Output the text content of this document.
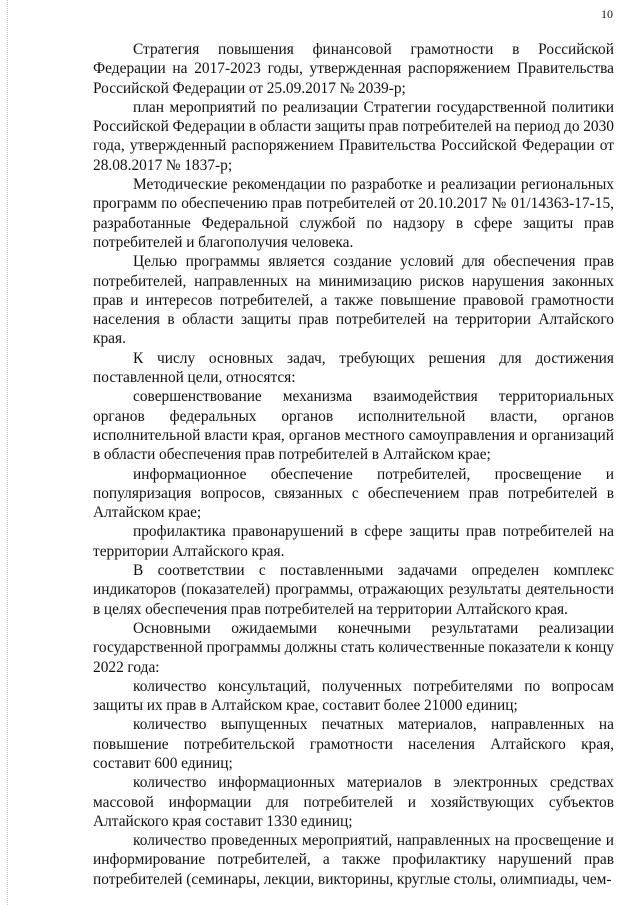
10

Стратегия повышения финансовой грамотности в Российской Федерации на 2017-2023 годы, утвержденная распоряжением Правительства Российской Федерации от 25.09.2017 № 2039-р;

план мероприятий по реализации Стратегии государственной политики Российской Федерации в области защиты прав потребителей на период до 2030 года, утвержденный распоряжением Правительства Российской Федерации от 28.08.2017 № 1837-р;

Методические рекомендации по разработке и реализации региональных программ по обеспечению прав потребителей от 20.10.2017 № 01/14363-17-15, разработанные Федеральной службой по надзору в сфере защиты прав потребителей и благополучия человека.

Целью программы является создание условий для обеспечения прав потребителей, направленных на минимизацию рисков нарушения законных прав и интересов потребителей, а также повышение правовой грамотности населения в области защиты прав потребителей на территории Алтайского края.

К числу основных задач, требующих решения для достижения поставленной цели, относятся:

совершенствование механизма взаимодействия территориальных органов федеральных органов исполнительной власти, органов исполнительной власти края, органов местного самоуправления и организаций в области обеспечения прав потребителей в Алтайском крае;

информационное обеспечение потребителей, просвещение и популяризация вопросов, связанных с обеспечением прав потребителей в Алтайском крае;

профилактика правонарушений в сфере защиты прав потребителей на территории Алтайского края.

В соответствии с поставленными задачами определен комплекс индикаторов (показателей) программы, отражающих результаты деятельности в целях обеспечения прав потребителей на территории Алтайского края.

Основными ожидаемыми конечными результатами реализации государственной программы должны стать количественные показатели к концу 2022 года:

количество консультаций, полученных потребителями по вопросам защиты их прав в Алтайском крае, составит более 21000 единиц;

количество выпущенных печатных материалов, направленных на повышение потребительской грамотности населения Алтайского края, составит 600 единиц;

количество информационных материалов в электронных средствах массовой информации для потребителей и хозяйствующих субъектов Алтайского края составит 1330 единиц;

количество проведенных мероприятий, направленных на просвещение и информирование потребителей, а также профилактику нарушений прав потребителей (семинары, лекции, викторины, круглые столы, олимпиады, чем-
